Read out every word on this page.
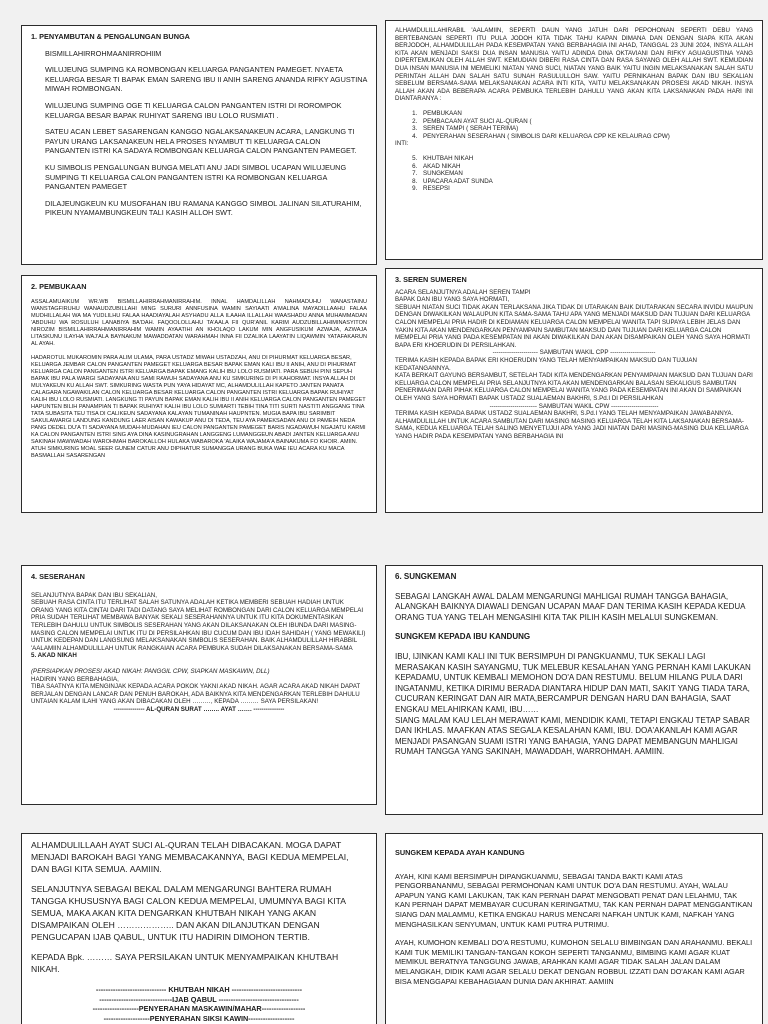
1. PENYAMBUTAN & PENGALUNGAN BUNGA

BISMILLAHIRROHMAANIRROHIIM

WILUJEUNG SUMPING KA ROMBONGAN KELUARGA PANGANTEN PAMEGET. NYAETA KELUARGA BESAR TI BAPAK EMAN SARENG IBU II ANIH SARENG ANANDA RIFKY AGUSTINA MIWAH ROMBONGAN.

WILUJEUNG SUMPING OGE TI KELUARGA CALON PANGANTEN ISTRI DI ROROMPOK KELUARGA BESAR BAPAK RUHIYAT SARENG IBU LOLO RUSMIATI .

SATEU ACAN LEBET SASARENGAN KANGGO NGALAKSANAKEUN ACARA, LANGKUNG TI PAYUN URANG LAKSANAKEUN HELA PROSES NYAMBUT TI KELUARGA CALON PANGANTEN ISTRI KA SADAYA ROMBONGAN KELUARGA CALON PANGANTEN PAMEGET.

KU SIMBOLIS PENGALUNGAN BUNGA MELATI ANU JADI SIMBOL UCAPAN WILUJEUNG SUMPING TI KELUARGA CALON PANGANTEN ISTRI KA ROMBONGAN KELUARGA PANGANTEN PAMEGET

DILAJEUNGKEUN KU MUSOFAHAN IBU RAMANA KANGGO SIMBOL JALINAN SILATURAHIM, PIKEUN NYAMAMBUNGKEUN TALI KASIH ALLOH SWT.

ALHAMDULILLAHIRABIL 'AALAMIIN, SEPERTI DAUN YANG JATUH DARI PEPOHONAN SEPERTI DEBU YANG BERTEBANGAN SEPERTI ITU PULA JODOH KITA TIDAK TAHU KAPAN DIMANA DAN DENGAN SIAPA KITA AKAN BERJODOH, ALHAMDULILLAH PADA KESEMPATAN YANG BERBAHAGIA INI AHAD, TANGGAL 23 JUNI 2024, INSYA ALLAH KITA AKAN MENJADI SAKSI DUA INSAN MANUSIA YAITU ADINDA DINA OKTAVIANI DAN RIFKY AGUAGUSTINA YANG DIPERTEMUKAN OLEH ALLAH SWT. KEMUDIAN DIBERI RASA CINTA DAN RASA SAYANG OLEH ALLAH SWT. KEMUDIAN DUA INSAN MANUSIA INI MEMELIKI NIATAN YANG SUCI, NIATAN YANG BAIK YAITU INGIN MELAKSANAKAN SALAH SATU PERINTAH ALLAH DAN SALAH SATU SUNAH RASULULLOH SAW. YAITU PERNIKAHAN BAPAK DAN IBU SEKALIAN SEBELUM BERSAMA-SAMA MELAKSANAKAN ACARA INTI KITA, YAITU MELAKSANAKAN PROSESI AKAD NIKAH. INSYA ALLAH AKAN ADA BEBERAPA ACARA PEMBUKA TERLEBIH DAHULU YANG AKAN KITA LAKSANAKAN PADA HARI INI DIANTARANYA :

1. PEMBUKAAN
2. PEMBACAAN AYAT SUCI AL-QURAN (
3. SEREN TAMPI ( SERAH TERIMA)
4. PENYERAHAN SESERAHAN ( SIMBOLIS DARI KELUARGA CPP KE KELAURAG CPW)

INTI:

5. KHUTBAH NIKAH
6. AKAD NIKAH
7. SUNGKEMAN
8. UPACARA ADAT SUNDA
9. RESEPSI

2. PEMBUKAAN

ASSALAMUAIKUM WR.WB BISMILLAHIRRAHMANIRRAHIM. INNAL HAMDALILLAH NAHMADUHU WANASTAINU WANSTAGFIRUHU WANAUDZUBILLAHI MING SURURI ANNFUSINA WAMIN SAYIAATI A'MALINA MAYADILLAAHU FALAA MUDHILLALAH WA MA YUDLILHU FALAA HAADIAYALAH ASYHADU ALLA ILAAHA ILLALLAH WAASHADU ANNA MUHAMMADAN 'ABDUHU WA ROSULUH LANABIYA BA'DAH. FAQOOLOLLAHU TA'AALA FII QUR'ANIL KARIM AUDZUBILLAHIMINASYITON NIROZIM BISMILLAHIRRAHMANIRRAHIM WAMIN AYAATIHI AN KHOLAQO LAKUM MIN ANGFUSIKUM AZWAJA, AZWAJA LITASKUNU ILAYHA WAJ'ALA BAYNAKUM MAWADDATAN WARAHMAH INNA FII DZALIKA LAAYATIN LIQAWMIN YATAFAKARUN AL AYAH.

HADAROTUL MUKAROMIN PARA ALIM ULAMA, PARA USTADZ MIWAH USTADZAH, ANU DI PIHURMAT KELUARGA BESAR, KELUARGA JEMBAR CALON PANGANTEN PAMEGET KELUARGA BESAR BAPAK EMAN KALI IBU II ANIH, ANU DI PIHURMAT KELUARGA CALON PANGANTEN ISTRI KELUARGA BAPAK EMANG KALIH IBU LOLO RUSMIATI. PARA SEBUH PINI SEPUH BAPAK IBU PALA WARGI SADAYANA ANU SAMI RAWUH SADAYANA ANU KU SIMKURING DI PI KAHORMAT. INSYA ALLAH DI MULYAKEUN KU ALLAH SWT. SIMKURING WASTA PUN YAYA HIDAYAT MC, ALHAMDULILLAH KAPETO JANTEN PANATA CALAGARA NGAWAKILAN CALON KELUARGA BESAR KELUARGA CALON PANGANTEN ISTRI KELUARGA BAPAK RUHIYAT KALIH IBU LOLO RUSMIATI. LANGKUNG TI PAYUN BAPAK EMAN KALIH IBU II ANIH KELUARGA CALON PANGANTEN PAMEGET HAPUNTEN BILIH PANAMPIAN TI BAPAK RUHIYAT KALIH IBU LOLO SUMIARTI TEBIH TINA TITI SURTI NASTITI ANGGANG TINA TATA SUBASITA TEU TISA DI CALIKEUN SADAYANA KALAYAN TUMANINAH HAUPNTEN. MUGIA BAPA IBU SARIMBIT SAKULAWARGI LANDUNG KANDUNG LAER AISAN KAWAKUP ANU DI TEDA, TEU AYA PAMEKSADAN ANU DI PAMEIH NEDA PANG DEDEL DU'A TI SADAYANA MUDAH-MUDAHAN IEU CALON PANGANTEN PAMEGET BARIS NGADAWUH NGAJATU KARMI KA CALON PANGANTEN ISTRI SING AYA DINA KASINUGRAHAN LANGGENG LUMANGGEUN ABADI JANTEN KELUARGA ANU SAKINAH MAWWADAH WAROHMAH BAROKALLOH HULAKA WABAROKA 'ALAIKA WAJAMA'A BAINAKUMA FO KHOIR. AMIIN. ATUH SIMKURING MOAL SEER GUNEM CATUR ANU DIPIHATUR SUMANGGA URANG BUKA WAE IEU ACARA KU MACA BASMALLAH SASARENGAN

3. SEREN SUMEREN

ACARA SELANJUTNYA ADALAH SEREN TAMPI
BAPAK DAN IBU YANG SAYA HORMATI,
SEBUAH NIATAN SUCI TIDAK AKAN TERLAKSANA JIKA TIDAK DI UTARAKAN BAIK DIUTARAKAN SECARA INVIDU MAUPUN DENGAN DIWAKILKAN WALAUPUN KITA SAMA-SAMA TAHU APA YANG MENJADI MAKSUD DAN TUJUAN DARI KELUARGA CALON MEMPELAI PRIA HADIR DI KEDIAMAN KELUARGA CALON MEMPELAI WANITA TAPI SUPAYA LEBIH JELAS DAN YAKIN KITA AKAN MENDENGARKAN PENYAMPAIN SAMBUTAN MAKSUD DAN TUJUAN DARI KELUARGA CALON MEMPELAI PRIA YANG PADA KESEMPATAN INI AKAN DIWAKILKAN DAN AKAN DISAMPAIKAN OLEH YANG SAYA HORMATI BAPA ERI KHOERUDIN DI PERSILAHKAN.

---------------------- SAMBUTAN WAKIL CPP ----------------------

TERIMA KASIH KEPADA BAPAK ERI KHOERUDIN YANG TELAH MENYAMPAIKAN MAKSUD DAN TUJUAN KEDATANGANNYA.
KATA BERKAIT GAYUNG BERSAMBUT, SETELAH TADI KITA MENDENGARKAN PENYAMPAIAN MAKSUD DAN TUJUAN DARI KELUARGA CALON MEMPELAI PRIA SELANJUTNYA KITA AKAN MENDENGARKAN BALASAN SEKALIGUS SAMBUTAN PENERIMAAN DARI PIHAK KELUARGA CALON MEMPELAI WANITA YANG PADA KESEMPATAN INI AKAN DI SAMPAIKAN OLEH YANG SAYA HORMATI BAPAK USTADZ SUALAEMAN BAKHRI, S.Pd.I DI PERSILAHKAN

----------------------- SAMBUTAN WAKIL CPW -----------------------

TERIMA KASIH KEPADA BAPAK USTADZ SUALAEMAN BAKHRI, S.Pd.I YANG TELAH MENYAMPAIKAN JAWABANNYA.
ALHAMDULILLAH UNTUK ACARA SAMBUTAN DARI MASING MASING KELUARGA TELAH KITA LAKSANAKAN BERSAMA-SAMA, KEDUA KELUARGA TELAH SALING MENYETUJUI APA YANG JADI NIATAN DARI MASING-MASING DUA KELUARGA YANG HADIR PADA KESEMPATAN YANG BERBAHAGIA INI

4. SESERAHAN

SELANJUTNYA BAPAK DAN IBU SEKALIAN,
SEBUAH RASA CINTA ITU TERLIHAT SALAH SATUNYA ADALAH KETIKA MEMBERI SEBUAH HADIAH UNTUK ORANG YANG KITA CINTAI DARI TADI DATANG SAYA MELIHAT ROMBONGAN DARI CALON KELUARGA MEMPELAI PRIA SUDAH TERLIHAT MEMBAWA BANYAK SEKALI SESERAHANNYA UNTUK ITU KITA DOKUMENTASIKAN TERLEBIH DAHULU UNTUK SIMBOLIS SESERAHAN YANG AKAN DILAKSANAKAN OLEH IBUNDA DARI MASING- MASING CALON MEMPELAI UNTUK ITU DI PERSILAHKAN IBU CUCUM DAN IBU IDAH SAHIDAH ( YANG MEWAKILI) UNTUK KEDEPAN DAN LANGSUNG MELAKSANAKAN SIMBOLIS SESERAHAN. BAIK ALHAMDULILLAH HIRABBIL 'AALAMIIN ALHAMDULILLAH UNTUK RANGKAIAN ACARA PEMBUKA SUDAH DILAKSANAKAN BERSAMA-SAMA

5. AKAD NIKAH

(PERSIAPKAN PROSESI AKAD NIKAH: PANGGIL CPW, SIAPKAN MASKAWIN, DLL)

HADIRIN YANG BERBAHAGIA,
TIBA SAATNYA KITA MENGINJAK KEPADA ACARA POKOK YAKNI AKAD NIKAH. AGAR ACARA AKAD NIKAH DAPAT BERJALAN DENGAN LANCAR DAN PENUH BAROKAH, ADA BAIKNYA KITA MENDENGARKAN TERLEBIH DAHULU UNTAIAN KALAM ILAHI YANG AKAN DIBACAKAN OLEH ………, KEPADA ……… SAYA PERSILAKAN!

--------------- AL-QURAN SURAT …….. AYAT ……. ---------------

6. SUNGKEMAN

SEBAGAI LANGKAH AWAL DALAM MENGARUNGI MAHLIGAI RUMAH TANGGA BAHAGIA, ALANGKAH BAIKNYA DIAWALI DENGAN UCAPAN MAAF DAN TERIMA KASIH KEPADA KEDUA ORANG TUA YANG TELAH MENGASIHI KITA TAK PILIH KASIH MELALUI SUNGKEMAN.

SUNGKEM KEPADA IBU KANDUNG

IBU, IJINKAN KAMI KALI INI TUK BERSIMPUH DI PANGKUANMU, TUK SEKALI LAGI MERASAKAN KASIH SAYANGMU, TUK MELEBUR KESALAHAN YANG PERNAH KAMI LAKUKAN KEPADAMU, UNTUK KEMBALI MEMOHON DO'A DAN RESTUMU. BELUM HILANG PULA DARI INGATANMU, KETIKA DIRIMU BERADA DIANTARA HIDUP DAN MATI, SAKIT YANG TIADA TARA, CUCURAN KERINGAT DAN AIR MATA,BERCAMPUR DENGAN HARU DAN BAHAGIA, SAAT ENGKAU MELAHIRKAN KAMI, IBU……

SIANG MALAM KAU LELAH MERAWAT KAMI, MENDIDIK KAMI, TETAPI ENGKAU TETAP SABAR DAN IKHLAS. MAAFKAN ATAS SEGALA KESALAHAN KAMI, IBU. DOA'AKANLAH KAMI AGAR MENJADI PASANGAN SUAMI ISTRI YANG BAHAGIA, YANG DAPAT MEMBANGUN MAHLIGAI RUMAH TANGGA YANG SAKINAH, MAWADDAH, WARROHMAH. AAMIIN.

ALHAMDULILLAAH AYAT SUCI AL-QURAN TELAH DIBACAKAN. MOGA DAPAT MENJADI BAROKAH BAGI YANG MEMBACAKANNYA, BAGI KEDUA MEMPELAI, DAN BAGI KITA SEMUA. AAMIIN.

SELANJUTNYA SEBAGAI BEKAL DALAM MENGARUNGI BAHTERA RUMAH TANGGA KHUSUSNYA BAGI CALON KEDUA MEMPELAI, UMUMNYA BAGI KITA SEMUA, MAKA AKAN KITA DENGARKAN KHUTBAH NIKAH YANG AKAN DISAMPAIKAN OLEH ……………….. DAN AKAN DILANJUTKAN DENGAN PENGUCAPAN IJAB QABUL, UNTUK ITU HADIRIN DIMOHON TERTIB.

KEPADA Bpk. ……… SAYA PERSILAKAN UNTUK MENYAMPAIKAN KHUTBAH NIKAH.

----------------------------- KHUTBAH NIKAH -----------------------------

------------------------------IJAB QABUL ---------------------------------

-------------------PENYERAHAN MASKAWIN/MAHAR------------------

-------------------PENYERAHAN SIKSI KAWIN-------------------

SUNGKEM KEPADA AYAH KANDUNG

AYAH, KINI KAMI BERSIMPUH DIPANGKUANMU, SEBAGAI TANDA BAKTI KAMI ATAS PENGORBANANMU, SEBAGAI PERMOHONAN KAMI UNTUK DO'A DAN RESTUMU. AYAH, WALAU APAPUN YANG KAMI LAKUKAN, TAK KAN PERNAH DAPAT MENGOBATI PENAT DAN LELAHMU, TAK KAN PERNAH DAPAT MEMBAYAR CUCURAN KERINGATMU, TAK KAN PERNAH DAPAT MENGGANTIKAN SIANG DAN MALAMMU, KETIKA ENGKAU HARUS MENCARI NAFKAH UNTUK KAMI, NAFKAH YANG MENGHASILKAN SENYUMAN, UNTUK KAMI PUTRA PUTRIMU.

AYAH, KUMOHON KEMBALI DO'A RESTUMU, KUMOHON SELALU BIMBINGAN DAN ARAHANMU. BEKALI KAMI TUK MEMILIKI TANGAN-TANGAN KOKOH SEPERTI TANGANMU, BIMBING KAMI AGAR KUAT MEMIKUL BERATNYA TANGGUNG JAWAB, ARAHKAN KAMI AGAR TIDAK SALAH JALAN DALAM MELANGKAH, DIDIK KAMI AGAR SELALU DEKAT DENGAN ROBBUL IZZATI DAN DO'AKAN KAMI AGAR BISA MENGGAPAI KEBAHAGIAAN DUNIA DAN AKHIRAT. AAMIIN
